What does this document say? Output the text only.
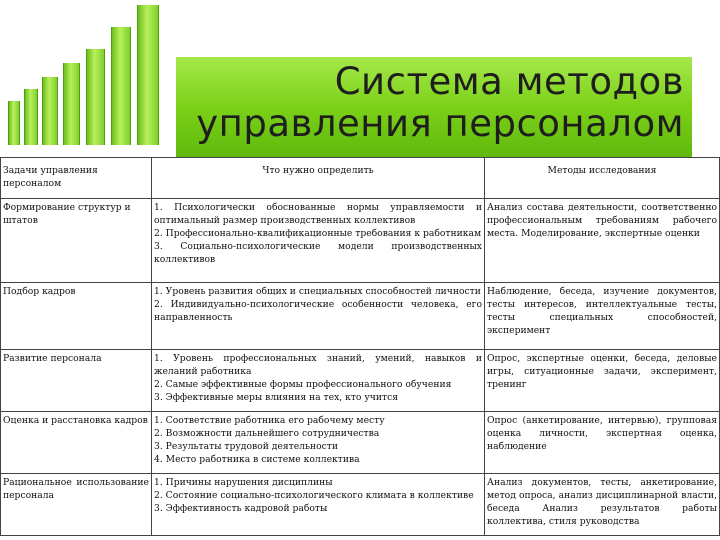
Система методов
управления персоналом
Задачи управления персоналом	Что нужно определить	Методы исследования
Формирование структур и штатов	1. Психологически обоснованные нормы управляемости и оптимальный размер производственных коллективов
2. Профессионально-квалификационные требования к работникам
3. Социально-психологические модели производственных коллективов	Анализ состава деятельности, соответственно профессиональным требованиям рабочего места. Моделирование, экспертные оценки
Подбор кадров	1. Уровень развития общих и специальных способностей личности
2. Индивидуально-психологические особенности человека, его направленность	Наблюдение, беседа, изучение документов, тесты интересов, интеллектуальные тесты, тесты специальных способностей, эксперимент
Развитие персонала	1. Уровень профессиональных знаний, умений, навыков и желаний работника
2. Самые эффективные формы профессионального обучения
3. Эффективные меры влияния на тех, кто учится	Опрос, экспертные оценки, беседа, деловые игры, ситуационные задачи, эксперимент, тренинг
Оценка и расстановка кадров	1. Соответствие работника его рабочему месту
2. Возможности дальнейшего сотрудничества
3. Результаты трудовой деятельности
4. Место работника в системе коллектива	Опрос (анкетирование, интервью), групповая оценка личности, экспертная оценка, наблюдение
Рациональное использование персонала	1. Причины нарушения дисциплины
2. Состояние социально-психологического климата в коллективе
3. Эффективность кадровой работы	Анализ документов, тесты, анкетирование, метод опроса, анализ дисциплинарной власти, беседа Анализ результатов работы коллектива, стиля руководства
